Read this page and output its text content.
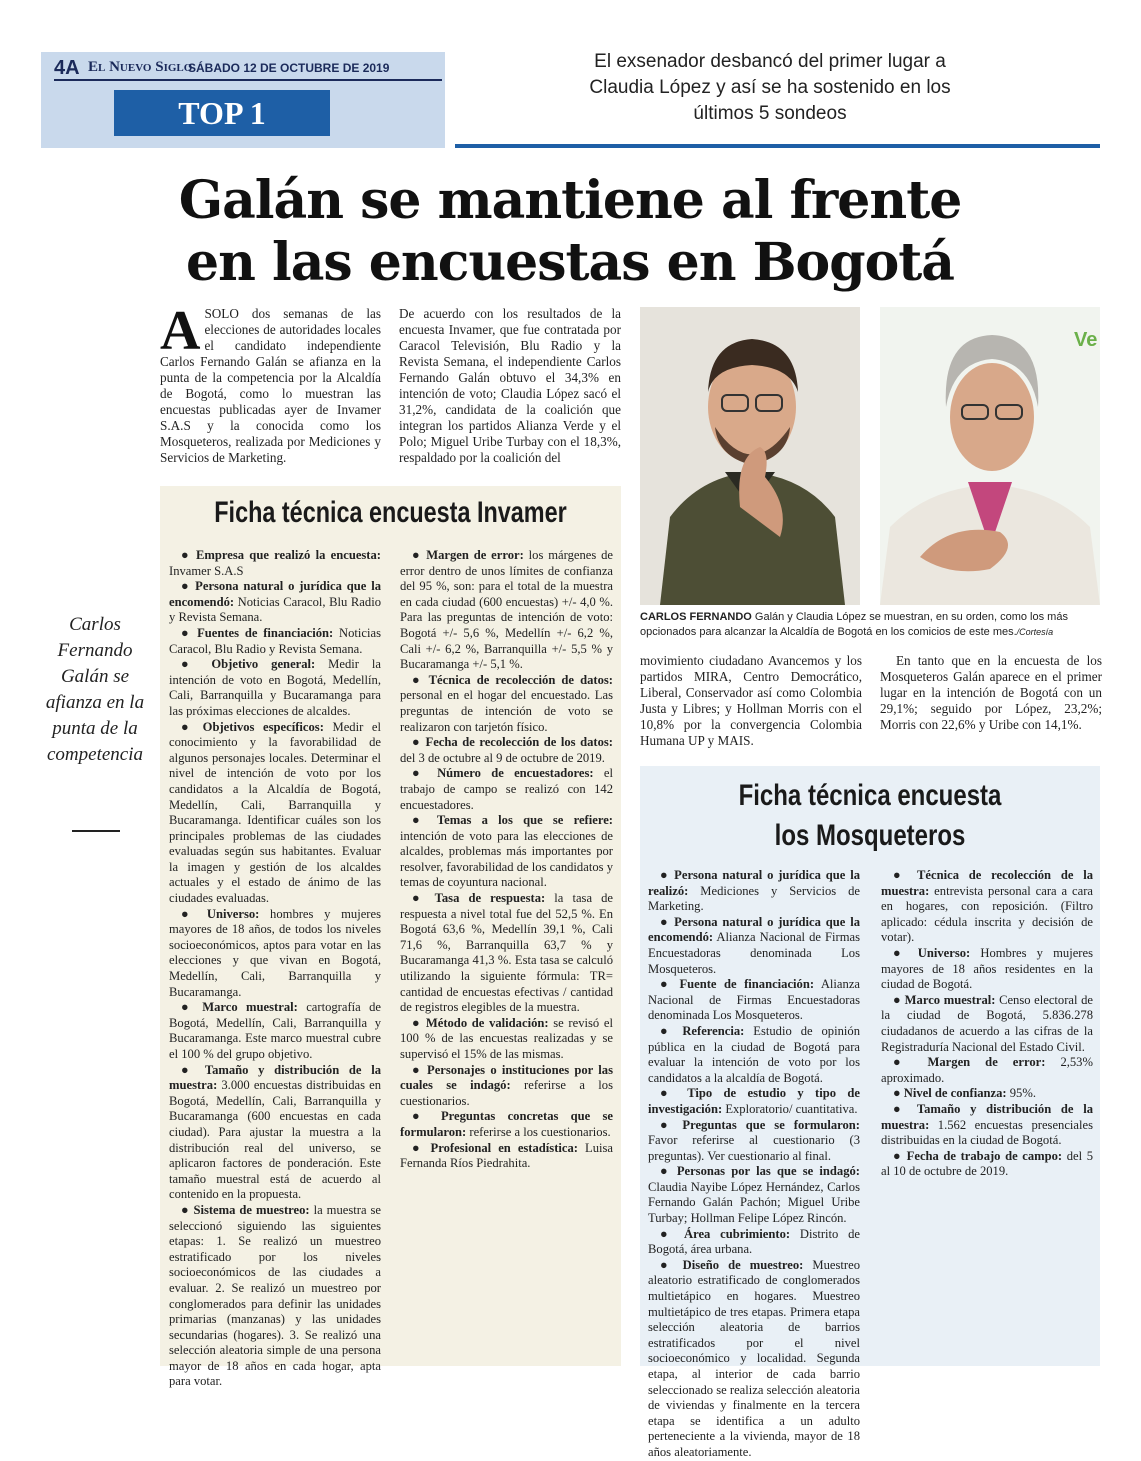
4A El Nuevo Siglo
SÁBADO 12 DE OCTUBRE DE 2019
TOP 1
El exsenador desbancó del primer lugar a Claudia López y así se ha sostenido en los últimos 5 sondeos
Galán se mantiene al frente en las encuestas en Bogotá
ASOLO dos semanas de las elecciones de autoridades locales el candidato independiente Carlos Fernando Galán se afianza en la punta de la competencia por la Alcaldía de Bogotá, como lo muestran las encuestas publicadas ayer de Invamer S.A.S y la conocida como los Mosqueteros, realizada por Mediciones y Servicios de Marketing.
De acuerdo con los resultados de la encuesta Invamer, que fue contratada por Caracol Televisión, Blu Radio y la Revista Semana, el independiente Carlos Fernando Galán obtuvo el 34,3% en intención de voto; Claudia López sacó el 31,2%, candidata de la coalición que integran los partidos Alianza Verde y el Polo; Miguel Uribe Turbay con el 18,3%, respaldado por la coalición del
Ve
CARLOS FERNANDO Galán y Claudia López se muestran, en su orden, como los más opcionados para alcanzar la Alcaldía de Bogotá en los comicios de este mes./Cortesía
movimiento ciudadano Avancemos y los partidos MIRA, Centro Democrático, Liberal, Conservador así como Colombia Justa y Libres; y Hollman Morris con el 10,8% por la convergencia Colombia Humana UP y MAIS.
En tanto que en la encuesta de los Mosqueteros Galán aparece en el primer lugar en la intención de Bogotá con un 29,1%; seguido por López, 23,2%; Morris con 22,6% y Uribe con 14,1%.
Carlos Fernando Galán se afianza en la punta de la competencia
Ficha técnica encuesta Invamer

● Empresa que realizó la encuesta: Invamer S.A.S

● Persona natural o jurídica que la encomendó: Noticias Caracol, Blu Radio y Revista Semana.

● Fuentes de financiación: Noticias Caracol, Blu Radio y Revista Semana.

● Objetivo general: Medir la intención de voto en Bogotá, Medellín, Cali, Barranquilla y Bucaramanga para las próximas elecciones de alcaldes.

● Objetivos específicos: Medir el conocimiento y la favorabilidad de algunos personajes locales. Determinar el nivel de intención de voto por los candidatos a la Alcaldía de Bogotá, Medellín, Cali, Barranquilla y Bucaramanga. Identificar cuáles son los principales problemas de las ciudades evaluadas según sus habitantes. Evaluar la imagen y gestión de los alcaldes actuales y el estado de ánimo de las ciudades evaluadas.

● Universo: hombres y mujeres mayores de 18 años, de todos los niveles socioeconómicos, aptos para votar en las elecciones y que vivan en Bogotá, Medellín, Cali, Barranquilla y Bucaramanga.

● Marco muestral: cartografía de Bogotá, Medellín, Cali, Barranquilla y Bucaramanga. Este marco muestral cubre el 100 % del grupo objetivo.

● Tamaño y distribución de la muestra: 3.000 encuestas distribuidas en Bogotá, Medellín, Cali, Barranquilla y Bucaramanga (600 encuestas en cada ciudad). Para ajustar la muestra a la distribución real del universo, se aplicaron factores de ponderación. Este tamaño muestral está de acuerdo al contenido en la propuesta.

● Sistema de muestreo: la muestra se seleccionó siguiendo las siguientes etapas: 1. Se realizó un muestreo estratificado por los niveles socioeconómicos de las ciudades a evaluar. 2. Se realizó un muestreo por conglomerados para definir las unidades primarias (manzanas) y las unidades secundarias (hogares). 3. Se realizó una selección aleatoria simple de una persona mayor de 18 años en cada hogar, apta para votar.

● Margen de error: los márgenes de error dentro de unos límites de confianza del 95 %, son: para el total de la muestra en cada ciudad (600 encuestas) +/- 4,0 %. Para las preguntas de intención de voto: Bogotá +/- 5,6 %, Medellín +/- 6,2 %, Cali +/- 6,2 %, Barranquilla +/- 5,5 % y Bucaramanga +/- 5,1 %.

● Técnica de recolección de datos: personal en el hogar del encuestado. Las preguntas de intención de voto se realizaron con tarjetón físico.

● Fecha de recolección de los datos: del 3 de octubre al 9 de octubre de 2019.

● Número de encuestadores: el trabajo de campo se realizó con 142 encuestadores.

● Temas a los que se refiere: intención de voto para las elecciones de alcaldes, problemas más importantes por resolver, favorabilidad de los candidatos y temas de coyuntura nacional.

● Tasa de respuesta: la tasa de respuesta a nivel total fue del 52,5 %. En Bogotá 63,6 %, Medellín 39,1 %, Cali 71,6 %, Barranquilla 63,7 % y Bucaramanga 41,3 %. Esta tasa se calculó utilizando la siguiente fórmula: TR= cantidad de encuestas efectivas / cantidad de registros elegibles de la muestra.

● Método de validación: se revisó el 100 % de las encuestas realizadas y se supervisó el 15% de las mismas.

● Personajes o instituciones por las cuales se indagó: referirse a los cuestionarios.

● Preguntas concretas que se formularon: referirse a los cuestionarios.

● Profesional en estadística: Luisa Fernanda Ríos Piedrahita.

Ficha técnica encuesta
los Mosqueteros

● Persona natural o jurídica que la realizó: Mediciones y Servicios de Marketing.

● Persona natural o jurídica que la encomendó: Alianza Nacional de Firmas Encuestadoras denominada Los Mosqueteros.

● Fuente de financiación: Alianza Nacional de Firmas Encuestadoras denominada Los Mosqueteros.

● Referencia: Estudio de opinión pública en la ciudad de Bogotá para evaluar la intención de voto por los candidatos a la alcaldía de Bogotá.

● Tipo de estudio y tipo de investigación: Exploratorio/ cuantitativa.

● Preguntas que se formularon: Favor referirse al cuestionario (3 preguntas). Ver cuestionario al final.

● Personas por las que se indagó: Claudia Nayibe López Hernández, Carlos Fernando Galán Pachón; Miguel Uribe Turbay; Hollman Felipe López Rincón.

● Área cubrimiento: Distrito de Bogotá, área urbana.

● Diseño de muestreo: Muestreo aleatorio estratificado de conglomerados multietápico en hogares. Muestreo multietápico de tres etapas. Primera etapa selección aleatoria de barrios estratificados por el nivel socioeconómico y localidad. Segunda etapa, al interior de cada barrio seleccionado se realiza selección aleatoria de viviendas y finalmente en la tercera etapa se identifica a un adulto perteneciente a la vivienda, mayor de 18 años aleatoriamente.

● Técnica de recolección de la muestra: entrevista personal cara a cara en hogares, con reposición. (Filtro aplicado: cédula inscrita y decisión de votar).

● Universo: Hombres y mujeres mayores de 18 años residentes en la ciudad de Bogotá.

● Marco muestral: Censo electoral de la ciudad de Bogotá, 5.836.278 ciudadanos de acuerdo a las cifras de la Registraduría Nacional del Estado Civil.

● Margen de error: 2,53% aproximado.

● Nivel de confianza: 95%.

● Tamaño y distribución de la muestra: 1.562 encuestas presenciales distribuidas en la ciudad de Bogotá.

● Fecha de trabajo de campo: del 5 al 10 de octubre de 2019.
